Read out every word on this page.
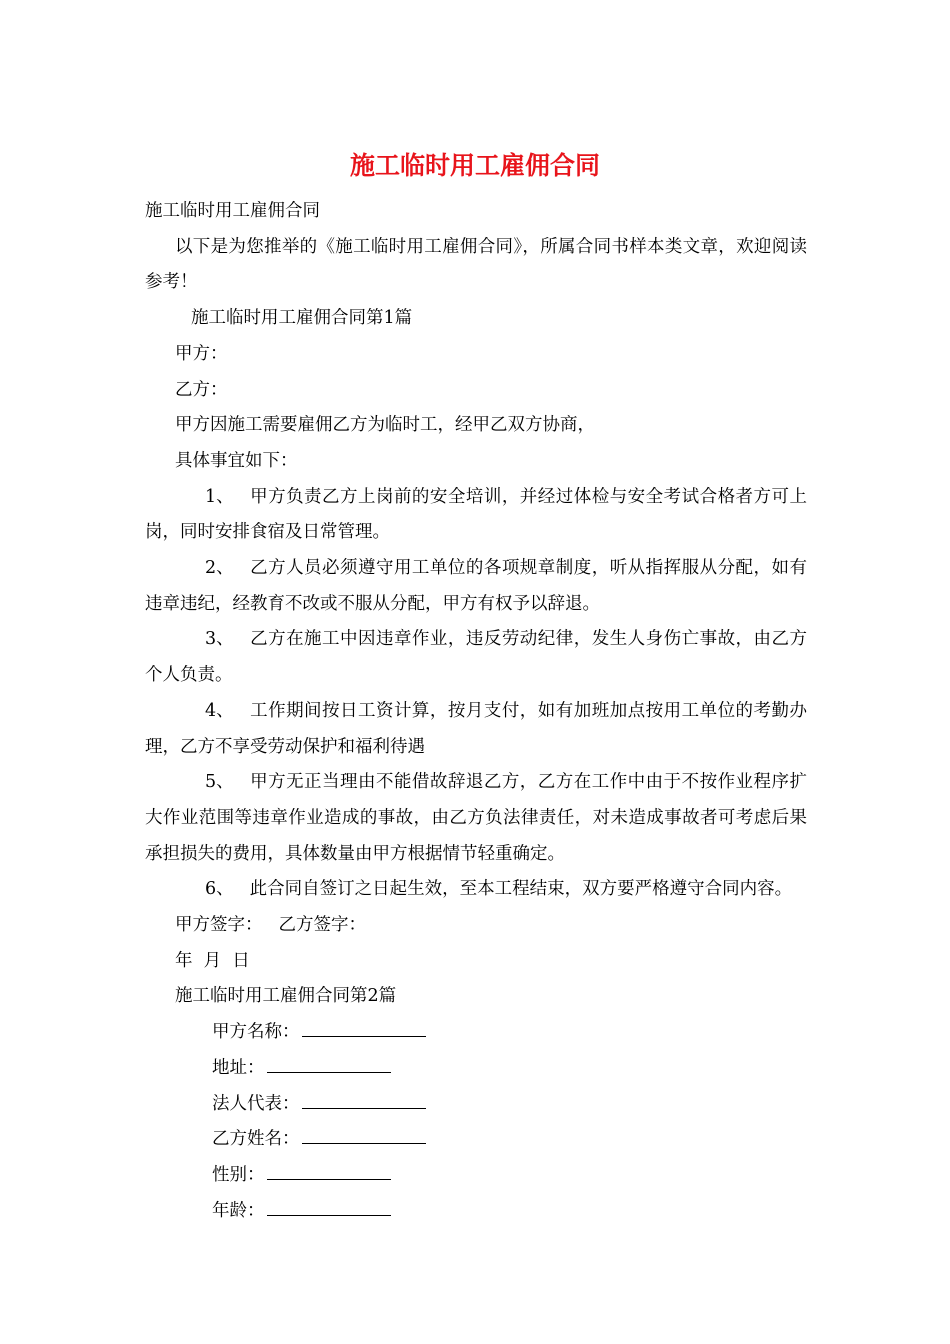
施工临时用工雇佣合同

施工临时用工雇佣合同

以下是为您推举的《施工临时用工雇佣合同》，所属合同书样本类文章，欢迎阅读参考！

施工临时用工雇佣合同第1篇

甲方：

乙方：

甲方因施工需要雇佣乙方为临时工，经甲乙双方协商，

具体事宜如下：

1、 甲方负责乙方上岗前的安全培训，并经过体检与安全考试合格者方可上岗，同时安排食宿及日常管理。

2、 乙方人员必须遵守用工单位的各项规章制度，听从指挥服从分配，如有违章违纪，经教育不改或不服从分配，甲方有权予以辞退。

3、 乙方在施工中因违章作业，违反劳动纪律，发生人身伤亡事故，由乙方个人负责。

4、 工作期间按日工资计算，按月支付，如有加班加点按用工单位的考勤办理，乙方不享受劳动保护和福利待遇

5、 甲方无正当理由不能借故辞退乙方，乙方在工作中由于不按作业程序扩大作业范围等违章作业造成的事故，由乙方负法律责任，对未造成事故者可考虑后果承担损失的费用，具体数量由甲方根据情节轻重确定。

6、 此合同自签订之日起生效，至本工程结束，双方要严格遵守合同内容。

甲方签字： 乙方签字：

年  月  日

施工临时用工雇佣合同第2篇

甲方名称：

地址：

法人代表：

乙方姓名：

性别：

年龄：
